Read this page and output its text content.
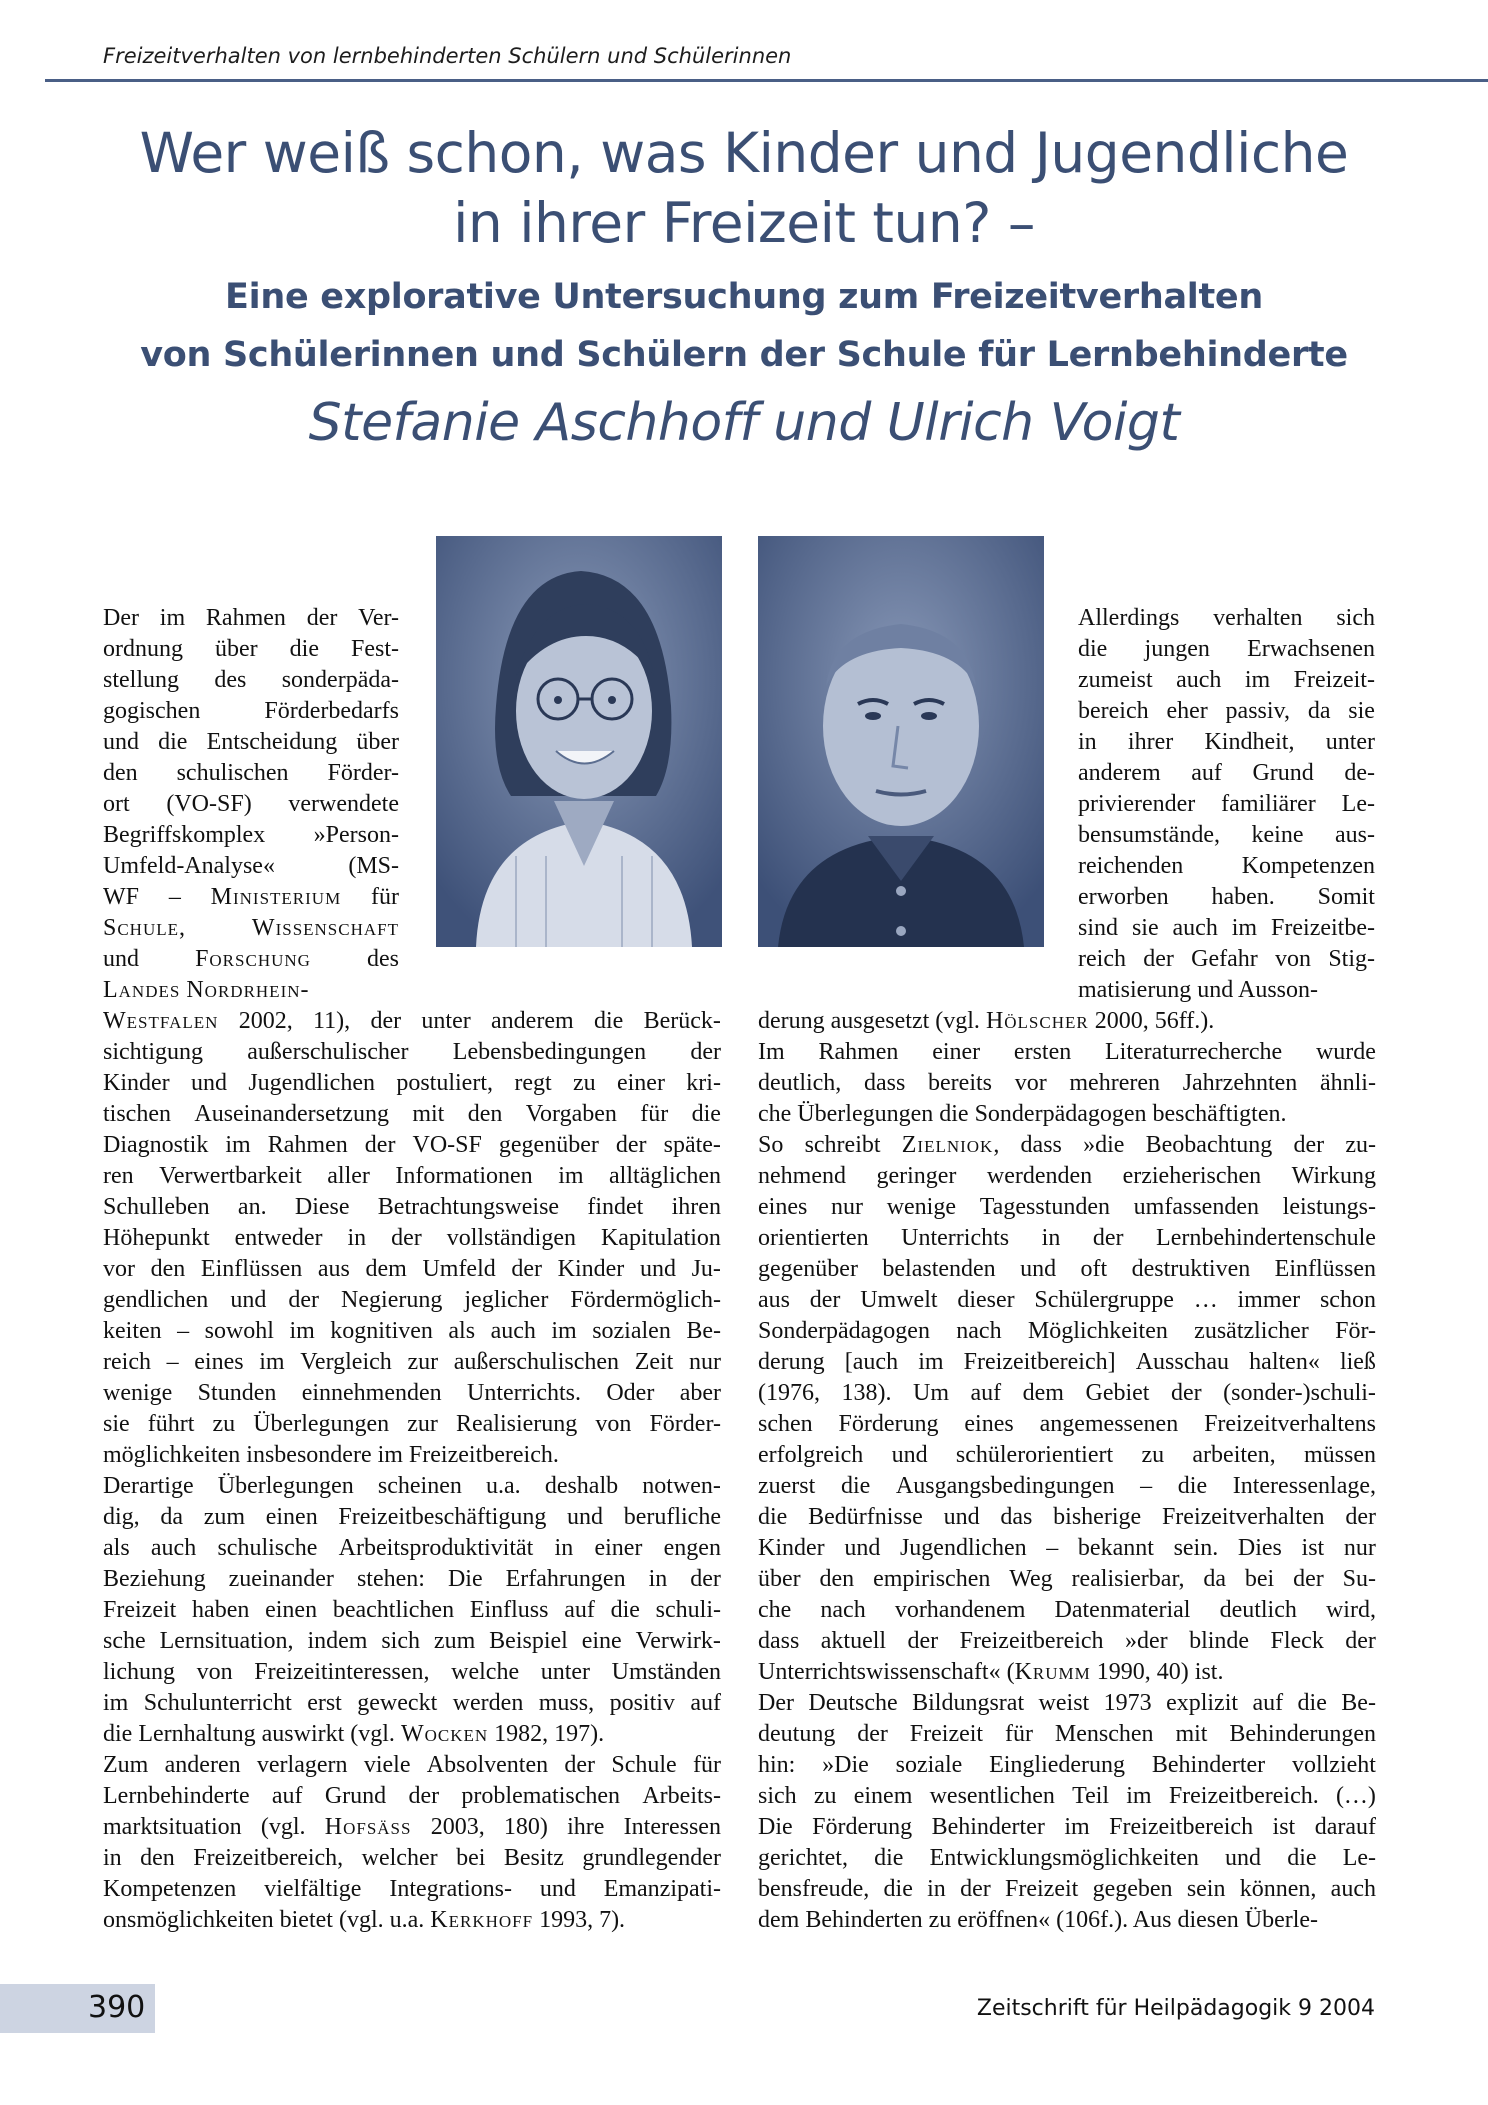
Freizeitverhalten von lernbehinderten Schülern und Schülerinnen
Wer weiß schon, was Kinder und Jugendliche
in ihrer Freizeit tun? –
Eine explorative Untersuchung zum Freizeitverhalten
von Schülerinnen und Schülern der Schule für Lernbehinderte
Stefanie Aschhoff und Ulrich Voigt
Der im Rahmen der Ver-
ordnung über die Fest-
stellung des sonderpäda-
gogischen	Förderbedarfs
und die Entscheidung über
den schulischen Förder-
ort (VO-SF) verwendete
Begriffskomplex »Person-
Umfeld-Analyse«	(MS-
WF – Ministerium für
Schule,	Wissenschaft
und Forschung des
Landes Nordrhein-
Westfalen 2002, 11), der unter anderem die Berück-
sichtigung außerschulischer Lebensbedingungen der
Kinder und Jugendlichen postuliert, regt zu einer kri-
tischen Auseinandersetzung mit den Vorgaben für die
Diagnostik im Rahmen der VO-SF gegenüber der späte-
ren Verwertbarkeit aller Informationen im alltäglichen
Schulleben an. Diese Betrachtungsweise findet ihren
Höhepunkt entweder in der vollständigen Kapitulation
vor den Einflüssen aus dem Umfeld der Kinder und Ju-
gendlichen und der Negierung jeglicher Fördermöglich-
keiten – sowohl im kognitiven als auch im sozialen Be-
reich – eines im Vergleich zur außerschulischen Zeit nur
wenige Stunden einnehmenden Unterrichts. Oder aber
sie führt zu Überlegungen zur Realisierung von Förder-
möglichkeiten insbesondere im Freizeitbereich.
Derartige Überlegungen scheinen u.a. deshalb notwen-
dig, da zum einen Freizeitbeschäftigung und berufliche
als auch schulische Arbeitsproduktivität in einer engen
Beziehung zueinander stehen: Die Erfahrungen in der
Freizeit haben einen beachtlichen Einfluss auf die schuli-
sche Lernsituation, indem sich zum Beispiel eine Verwirk-
lichung von Freizeitinteressen, welche unter Umständen
im Schulunterricht erst geweckt werden muss, positiv auf
die Lernhaltung auswirkt (vgl. Wocken 1982, 197).
Zum anderen verlagern viele Absolventen der Schule für
Lernbehinderte auf Grund der problematischen Arbeits-
marktsituation (vgl. Hofsäss 2003, 180) ihre Interessen
in den Freizeitbereich, welcher bei Besitz grundlegender
Kompetenzen vielfältige Integrations- und Emanzipati-
onsmöglichkeiten bietet (vgl. u.a. Kerkhoff 1993, 7).
Allerdings verhalten sich
die jungen Erwachsenen
zumeist auch im Freizeit-
bereich eher passiv, da sie
in ihrer Kindheit, unter
anderem auf Grund de-
privierender familiärer Le-
bensumstände, keine aus-
reichenden Kompetenzen
erworben haben. Somit
sind sie auch im Freizeitbe-
reich der Gefahr von Stig-
matisierung und Ausson-
derung ausgesetzt (vgl. Hölscher 2000, 56ff.).
Im Rahmen einer ersten Literaturrecherche wurde
deutlich, dass bereits vor mehreren Jahrzehnten ähnli-
che Überlegungen die Sonderpädagogen beschäftigten.
So schreibt Zielniok, dass »die Beobachtung der zu-
nehmend geringer werdenden erzieherischen Wirkung
eines nur wenige Tagesstunden umfassenden leistungs-
orientierten Unterrichts in der Lernbehindertenschule
gegenüber belastenden und oft destruktiven Einflüssen
aus der Umwelt dieser Schülergruppe … immer schon
Sonderpädagogen nach Möglichkeiten zusätzlicher För-
derung [auch im Freizeitbereich] Ausschau halten« ließ
(1976, 138). Um auf dem Gebiet der (sonder-)schuli-
schen Förderung eines angemessenen Freizeitverhaltens
erfolgreich und schülerorientiert zu arbeiten, müssen
zuerst die Ausgangsbedingungen – die Interessenlage,
die Bedürfnisse und das bisherige Freizeitverhalten der
Kinder und Jugendlichen – bekannt sein. Dies ist nur
über den empirischen Weg realisierbar, da bei der Su-
che nach vorhandenem Datenmaterial deutlich wird,
dass aktuell der Freizeitbereich »der blinde Fleck der
Unterrichtswissenschaft« (Krumm 1990, 40) ist.
Der Deutsche Bildungsrat weist 1973 explizit auf die Be-
deutung der Freizeit für Menschen mit Behinderungen
hin: »Die soziale Eingliederung Behinderter vollzieht
sich zu einem wesentlichen Teil im Freizeitbereich. (…)
Die Förderung Behinderter im Freizeitbereich ist darauf
gerichtet, die Entwicklungsmöglichkeiten und die Le-
bensfreude, die in der Freizeit gegeben sein können, auch
dem Behinderten zu eröffnen« (106f.). Aus diesen Überle-
390	Zeitschrift für Heilpädagogik 9 2004
